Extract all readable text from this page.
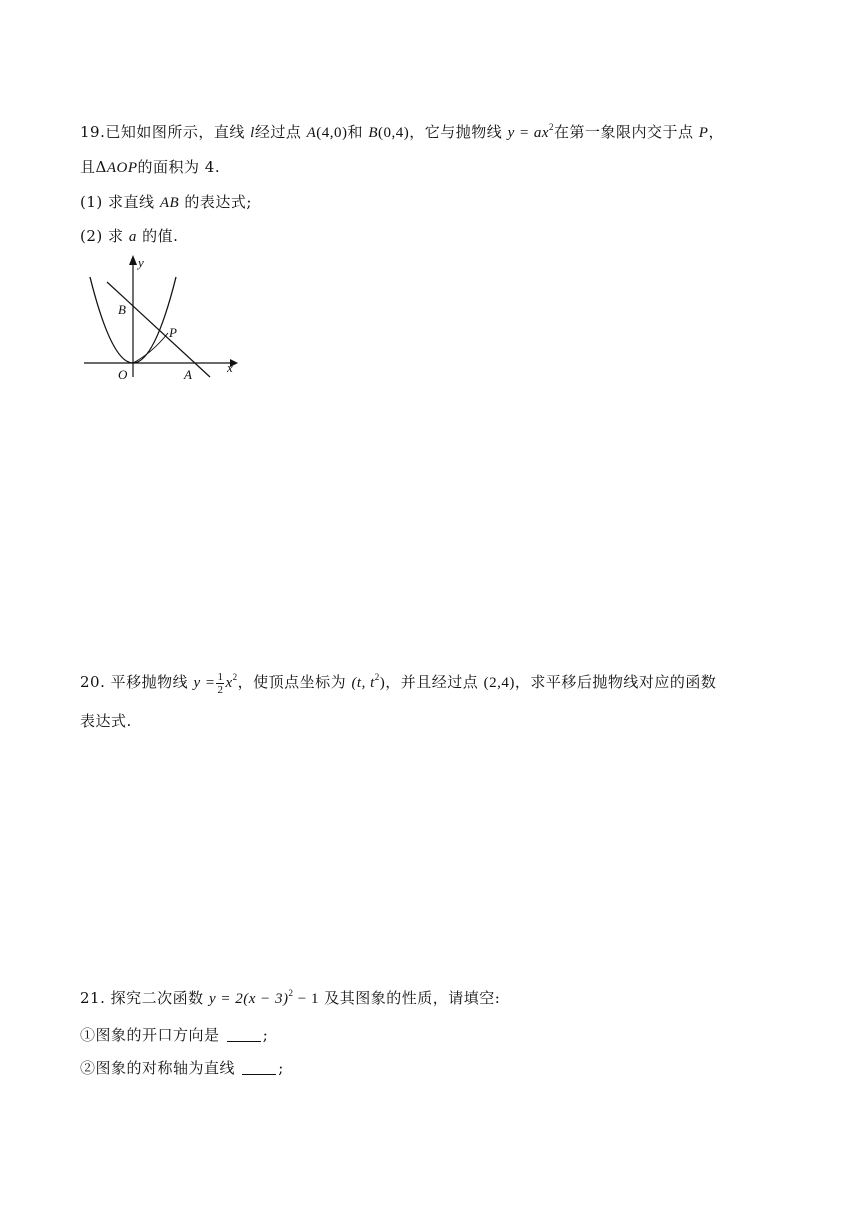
19.已知如图所示，直线 l经过点 A(4,0)和 B(0,4)，它与抛物线 $y = ax^2$在第一象限内交于点 P，
且ΔAOP的面积为 4.
(1) 求直线 AB 的表达式;
(2) 求 a 的值.
y
x
O	A
B
P
20. 平移抛物线 $y = \frac{1}{2} x^2$，使顶点坐标为 (t, $t^2$)，并且经过点 (2,4)，求平移后抛物线对应的函数
表达式.
21. 探究二次函数 $y = 2(x - 3)^2 - 1$ 及其图象的性质，请填空:
①图象的开口方向是	;
②图象的对称轴为直线	;
